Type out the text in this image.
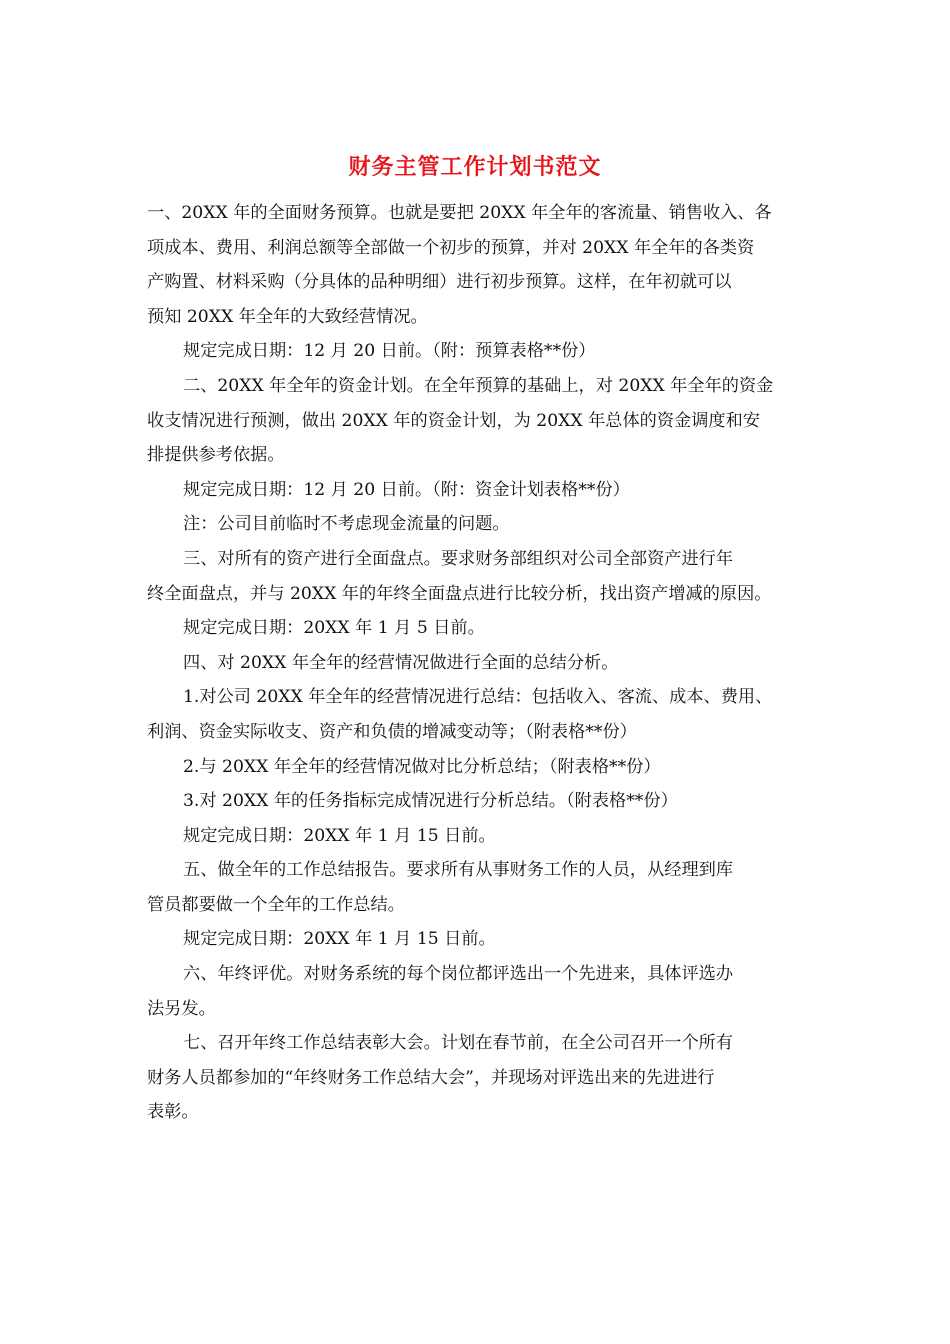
财务主管工作计划书范文

一、20XX 年的全面财务预算。也就是要把 20XX 年全年的客流量、销售收入、各

项成本、费用、利润总额等全部做一个初步的预算，并对 20XX 年全年的各类资

产购置、材料采购（分具体的品种明细）进行初步预算。这样，在年初就可以

预知 20XX 年全年的大致经营情况。

规定完成日期：12 月 20 日前。（附：预算表格**份）

二、20XX 年全年的资金计划。在全年预算的基础上，对 20XX 年全年的资金

收支情况进行预测，做出 20XX 年的资金计划，为 20XX 年总体的资金调度和安

排提供参考依据。

规定完成日期：12 月 20 日前。（附：资金计划表格**份）

注：公司目前临时不考虑现金流量的问题。

三、对所有的资产进行全面盘点。要求财务部组织对公司全部资产进行年

终全面盘点，并与 20XX 年的年终全面盘点进行比较分析，找出资产增减的原因。

规定完成日期：20XX 年 1 月 5 日前。

四、对 20XX 年全年的经营情况做进行全面的总结分析。

1.对公司 20XX 年全年的经营情况进行总结：包括收入、客流、成本、费用、

利润、资金实际收支、资产和负债的增减变动等；（附表格**份）

2.与 20XX 年全年的经营情况做对比分析总结；（附表格**份）

3.对 20XX 年的任务指标完成情况进行分析总结。（附表格**份）

规定完成日期：20XX 年 1 月 15 日前。

五、做全年的工作总结报告。要求所有从事财务工作的人员，从经理到库

管员都要做一个全年的工作总结。

规定完成日期：20XX 年 1 月 15 日前。

六、年终评优。对财务系统的每个岗位都评选出一个先进来，具体评选办

法另发。

七、召开年终工作总结表彰大会。计划在春节前，在全公司召开一个所有

财务人员都参加的“年终财务工作总结大会”，并现场对评选出来的先进进行

表彰。
